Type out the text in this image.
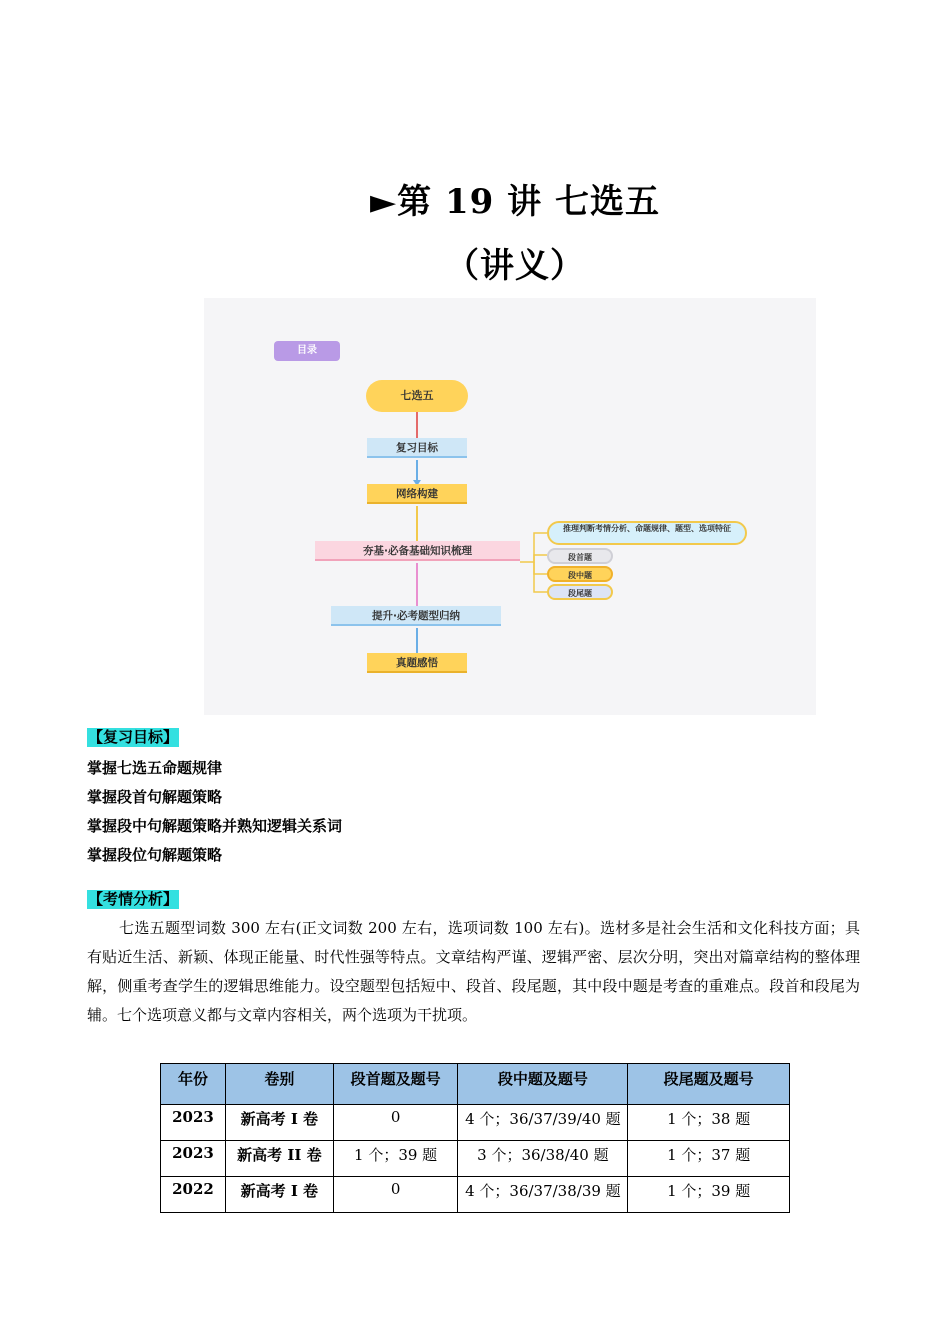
►第 19 讲 七选五
（讲义）
目录
七选五
复习目标
网络构建
夯基·必备基础知识梳理
提升·必考题型归纳
真题感悟
推理判断考情分析、命题规律、题型、选项特征
段首题
段中题
段尾题
【复习目标】
掌握七选五命题规律
掌握段首句解题策略
掌握段中句解题策略并熟知逻辑关系词
掌握段位句解题策略
【考情分析】
七选五题型词数 300 左右(正文词数 200 左右，选项词数 100 左右)。选材多是社会生活和文化科技方面；具有贴近生活、新颖、体现正能量、时代性强等特点。文章结构严谨、逻辑严密、层次分明，突出对篇章结构的整体理解，侧重考查学生的逻辑思维能力。设空题型包括短中、段首、段尾题，其中段中题是考查的重难点。段首和段尾为辅。七个选项意义都与文章内容相关，两个选项为干扰项。
年份	卷别	段首题及题号	段中题及题号	段尾题及题号
2023	新高考 I 卷	0	4 个；36/37/39/40 题	1 个；38 题
2023	新高考 II 卷	1 个；39 题	3 个；36/38/40 题	1 个；37 题
2022	新高考 I 卷	0	4 个；36/37/38/39 题	1 个；39 题
